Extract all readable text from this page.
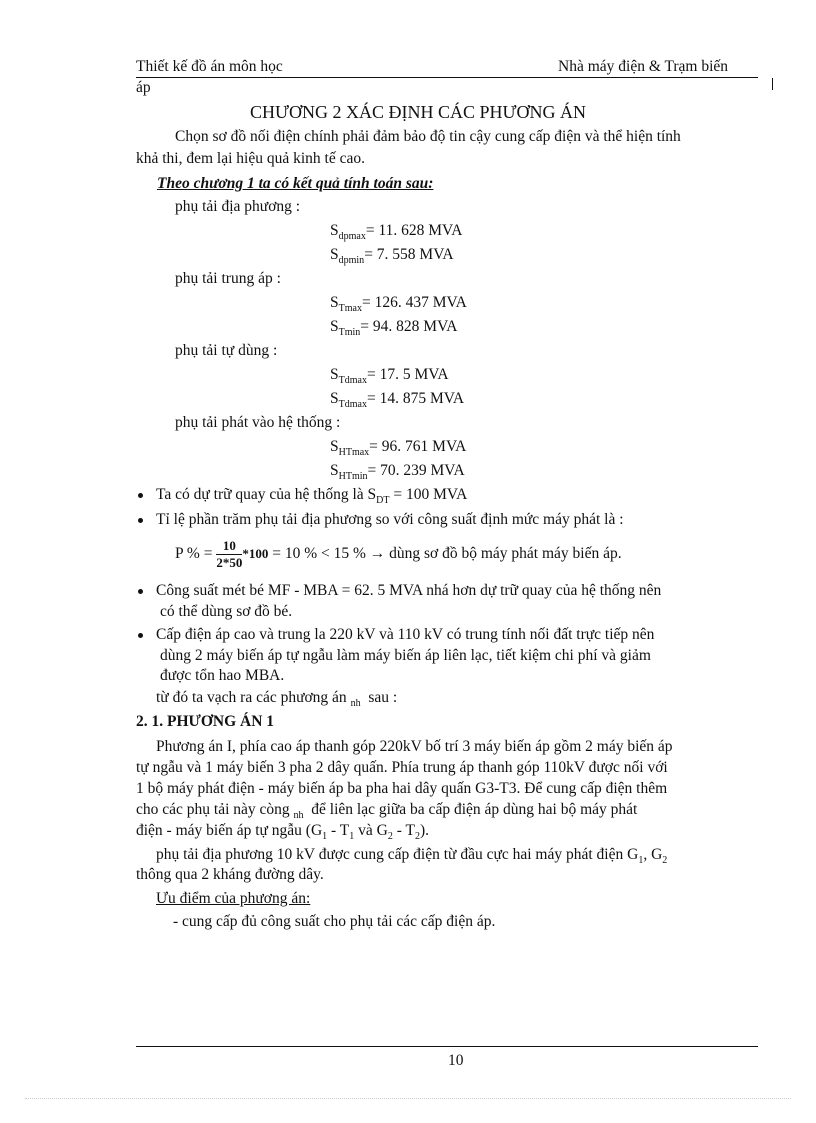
Thiết kế đồ án môn học	Nhà máy điện & Trạm biến
áp
CHƯƠNG 2 XÁC ĐỊNH CÁC PHƯƠNG ÁN
Chọn sơ đồ nối điện chính phải đảm bảo độ tin cậy cung cấp điện và thể hiện tính
khả thi, đem lại hiệu quả kinh tế cao.
Theo chương 1 ta có kết quả tính toán sau:
phụ tải địa phương :
$S_{dpmax}= 11$. 628 MVA
$S_{dpmin}= 7$. 558 MVA
phụ tải trung áp :
$S_{Tmax}= 126$. 437 MVA
$S_{Tmin}= 94$. 828 MVA
phụ tải tự dùng :
$S_{Tdmax}= 17$. 5 MVA
$S_{Tdmax}= 14$. 875 MVA
phụ tải phát vào hệ thống :
$S_{HTmax}= 96$. 761 MVA
$S_{HTmin}= 70$. 239 MVA
Ta có dự trữ quay của hệ thống là $S_{DT} = 100$ MVA
Tỉ lệ phần trăm phụ tải địa phương so với công suất định mức máy phát là :
P % =
$\frac{10}{2*50} *100$
= 10 % < 15 %
→
dùng sơ đồ bộ máy phát máy biến áp.
Công suất mét bé MF - MBA = 62. 5 MVA nhá hơn dự trữ quay của hệ thống nên
có thể dùng sơ đồ bé.
Cấp điện áp cao và trung la 220 kV và 110 kV có trung tính nối đất trực tiếp nên
dùng 2 máy biến áp tự ngẫu làm máy biến áp liên lạc, tiết kiệm chi phí và giảm
được tổn hao MBA.
từ đó ta vạch ra các phương án $_{nh}$ sau :
2. 1. PHƯƠNG ÁN 1
Phương án I, phía cao áp thanh góp 220kV bố trí 3 máy biến áp gồm 2 máy biến áp
tự ngẫu và 1 máy biến 3 pha 2 dây quấn. Phía trung áp thanh góp 110kV được nối với
1 bộ máy phát điện - máy biến áp ba pha hai dây quấn G3-T3. Để cung cấp điện thêm
cho các phụ tải này còng $_{nh}$ để liên lạc giữa ba cấp điện áp dùng hai bộ máy phát
điện - máy biến áp tự ngẫu ($G_1 - T_1$ và $G_2 - T_2$).
phụ tải địa phương 10 kV được cung cấp điện từ đầu cực hai máy phát điện $G_1$, $G_2$
thông qua 2 kháng đường dây.
Ưu điểm của phương án:
- cung cấp đủ công suất cho phụ tải các cấp điện áp.
10
